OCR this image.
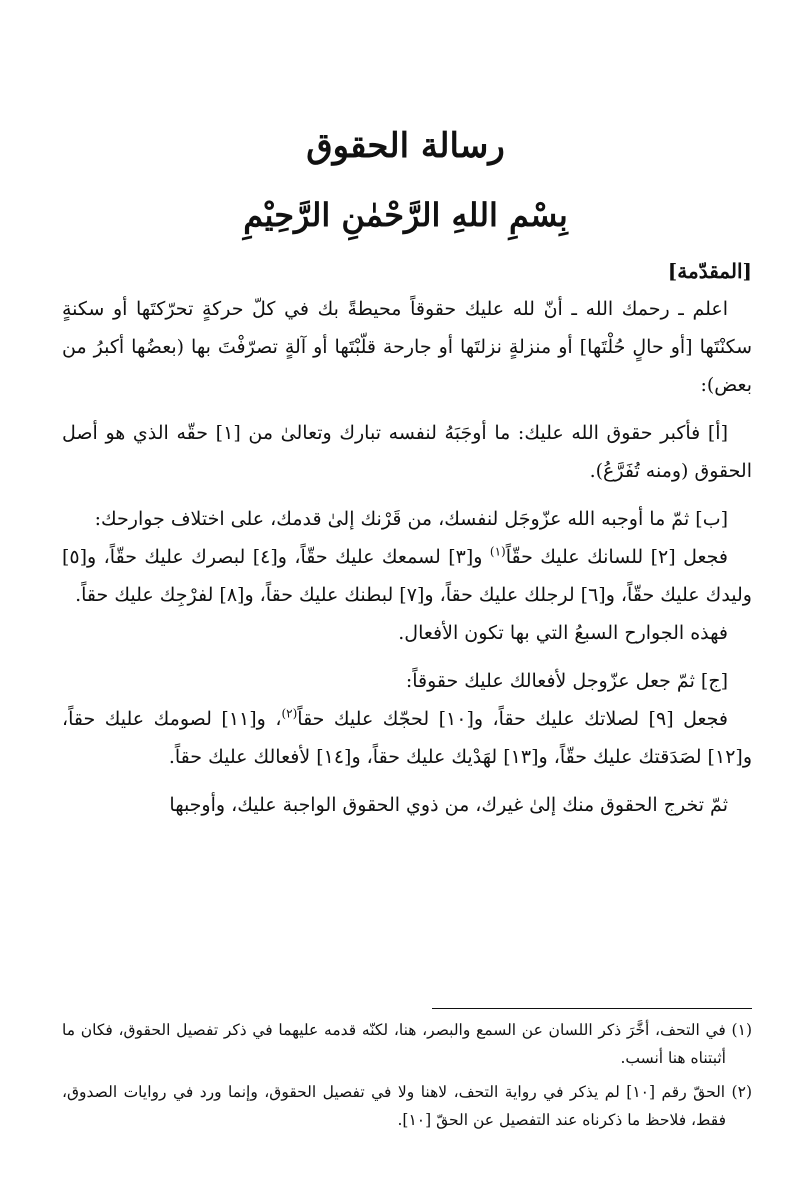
رسالة الحقوق
بِسْمِ اللهِ الرَّحْمٰنِ الرَّحِيْمِ

[المقدّمة]

اعلم ـ رحمك الله ـ أنّ لله عليك حقوقاً محيطةً بك في كلّ حركةٍ تحرّكتَها أو سكنةٍ سكنْتَها [أو حالٍ حُلْتَها] أو منزلةٍ نزلتَها أو جارحة قلّبْتَها أو آلةٍ تصرّفْتَ بها (بعضُها أكبرُ من بعض):

[أ] فأكبر حقوق الله عليك: ما أوجَبَهُ لنفسه تبارك وتعالىٰ من [١] حقّه الذي هو أصل الحقوق (ومنه تُفَرَّعُ).

[ب] ثمّ ما أوجبه الله عزّوجَل لنفسك، من قَرْنك إلىٰ قدمك، على اختلاف جوارحك:

فجعل [٢] للسانك عليك حقّاً$^{(١)}$ و[٣] لسمعك عليك حقّاً، و[٤] لبصرك عليك حقّاً، و[٥] وليدك عليك حقّاً، و[٦] لرجلك عليك حقاً، و[٧] لبطنك عليك حقاً، و[٨] لفرْجِك عليك حقاً.

فهذه الجوارح السبعُ التي بها تكون الأفعال.

[ج] ثمّ جعل عزّوجل لأفعالك عليك حقوقاً:

فجعل [٩] لصلاتك عليك حقاً، و[١٠] لحجّك عليك حقاً$^{(٢)}$، و[١١] لصومك عليك حقاً، و[١٢] لصَدَقتك عليك حقّاً، و[١٣] لهَدْيك عليك حقاً، و[١٤] لأفعالك عليك حقاً.

ثمّ تخرج الحقوق منك إلىٰ غيرك، من ذوي الحقوق الواجبة عليك، وأوجبها

(١) في التحف، أخَّرَ ذكر اللسان عن السمع والبصر، هنا، لكنّه قدمه عليهما في ذكر تفصيل الحقوق، فكان ما أثبتناه هنا أنسب.

(٢) الحقّ رقم [١٠] لم يذكر في رواية التحف، لاهنا ولا في تفصيل الحقوق، وإنما ورد في روايات الصدوق، فقط، فلاحظ ما ذكرناه عند التفصيل عن الحقّ [١٠].
